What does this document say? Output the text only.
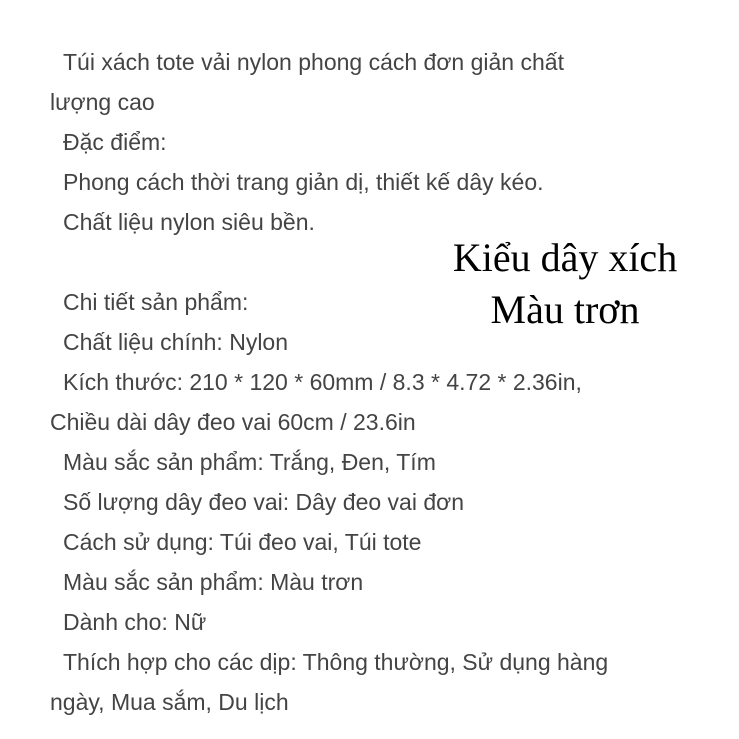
Túi xách tote vải nylon phong cách đơn giản chất
lượng cao
Đặc điểm:
Phong cách thời trang giản dị, thiết kế dây kéo.
Chất liệu nylon siêu bền.
Chi tiết sản phẩm:
Chất liệu chính: Nylon
Kích thước: 210 * 120 * 60mm / 8.3 * 4.72 * 2.36in,
Chiều dài dây đeo vai 60cm / 23.6in
Màu sắc sản phẩm: Trắng, Đen, Tím
Số lượng dây đeo vai: Dây đeo vai đơn
Cách sử dụng: Túi đeo vai, Túi tote
Màu sắc sản phẩm: Màu trơn
Dành cho: Nữ
Thích hợp cho các dịp: Thông thường, Sử dụng hàng
ngày, Mua sắm, Du lịch
Kiểu dây xích
Màu trơn
